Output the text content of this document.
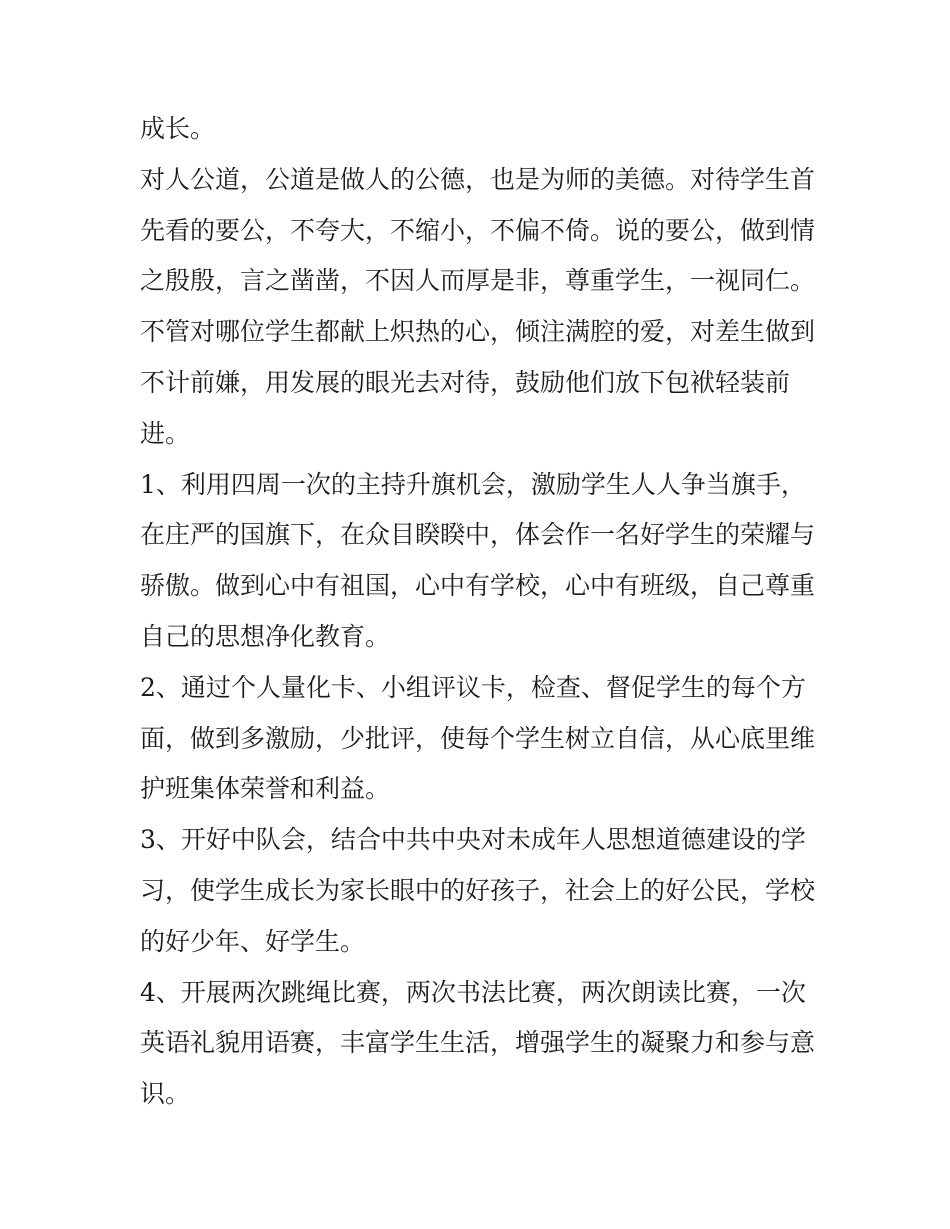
成长。
对人公道，公道是做人的公德，也是为师的美德。对待学生首
先看的要公，不夸大，不缩小，不偏不倚。说的要公，做到情
之殷殷，言之凿凿，不因人而厚是非，尊重学生，一视同仁。
不管对哪位学生都献上炽热的心，倾注满腔的爱，对差生做到
不计前嫌，用发展的眼光去对待，鼓励他们放下包袱轻装前
进。
1、利用四周一次的主持升旗机会，激励学生人人争当旗手，
在庄严的国旗下，在众目睽睽中，体会作一名好学生的荣耀与
骄傲。做到心中有祖国，心中有学校，心中有班级，自己尊重
自己的思想净化教育。
2、通过个人量化卡、小组评议卡，检查、督促学生的每个方
面，做到多激励，少批评，使每个学生树立自信，从心底里维
护班集体荣誉和利益。
3、开好中队会，结合中共中央对未成年人思想道德建设的学
习，使学生成长为家长眼中的好孩子，社会上的好公民，学校
的好少年、好学生。
4、开展两次跳绳比赛，两次书法比赛，两次朗读比赛，一次
英语礼貌用语赛，丰富学生生活，增强学生的凝聚力和参与意
识。
